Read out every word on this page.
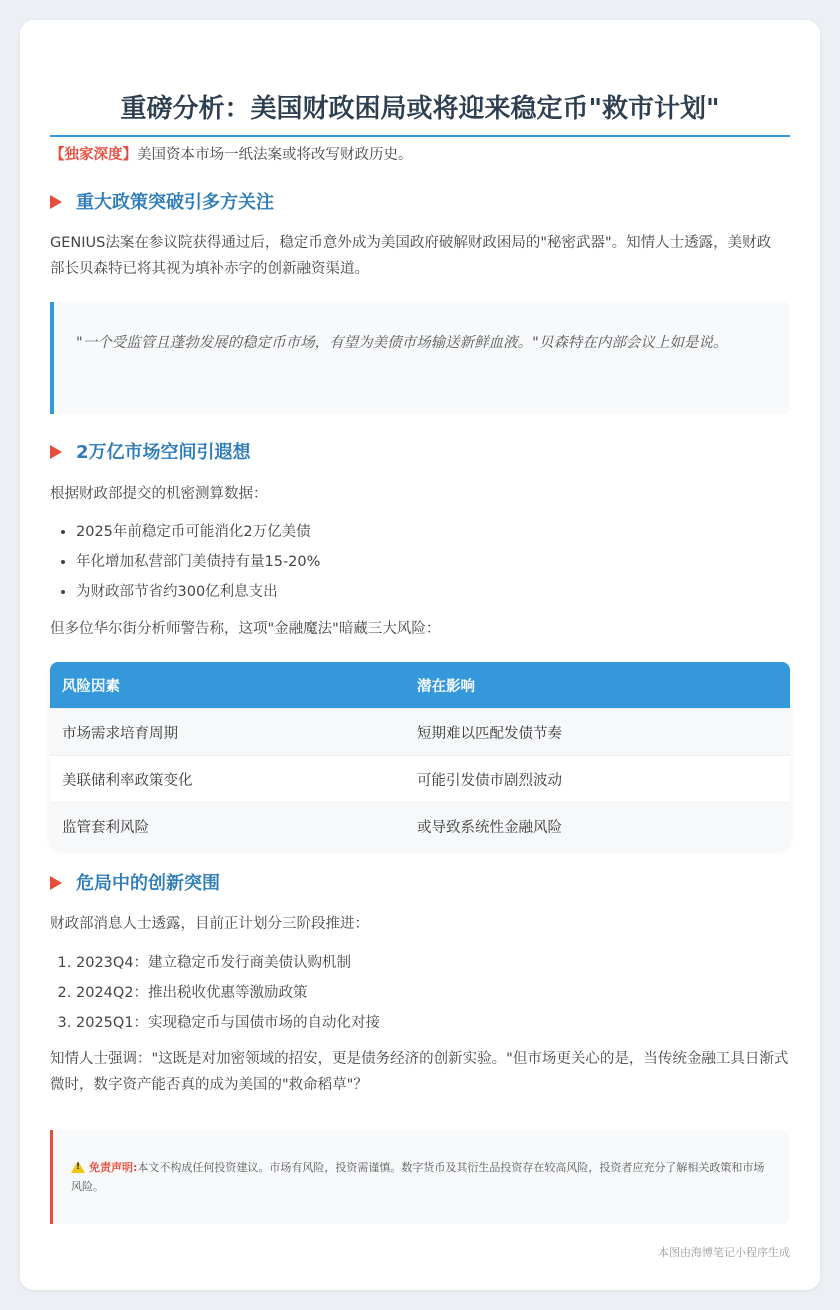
重磅分析：美国财政困局或将迎来稳定币"救市计划"

【独家深度】美国资本市场一纸法案或将改写财政历史。

重大政策突破引多方关注

GENIUS法案在参议院获得通过后，稳定币意外成为美国政府破解财政困局的"秘密武器"。知情人士透露，美财政部长贝森特已将其视为填补赤字的创新融资渠道。

"一个受监管且蓬勃发展的稳定币市场，有望为美债市场输送新鲜血液。"贝森特在内部会议上如是说。

2万亿市场空间引遐想

根据财政部提交的机密测算数据：

• 2025年前稳定币可能消化2万亿美债
• 年化增加私营部门美债持有量15-20%
• 为财政部节省约300亿利息支出

但多位华尔街分析师警告称，这项"金融魔法"暗藏三大风险：

风险因素	潜在影响
市场需求培育周期	短期难以匹配发债节奏
美联储利率政策变化	可能引发债市剧烈波动
监管套利风险	或导致系统性金融风险
危局中的创新突围

财政部消息人士透露，目前正计划分三阶段推进：

1. 2023Q4：建立稳定币发行商美债认购机制
2. 2024Q2：推出税收优惠等激励政策
3. 2025Q1：实现稳定币与国债市场的自动化对接

知情人士强调："这既是对加密领域的招安，更是债务经济的创新实验。"但市场更关心的是，当传统金融工具日渐式微时，数字资产能否真的成为美国的"救命稻草"？

!免责声明:本文不构成任何投资建议。市场有风险，投资需谨慎。数字货币及其衍生品投资存在较高风险，投资者应充分了解相关政策和市场风险。

本图由海博笔记小程序生成
